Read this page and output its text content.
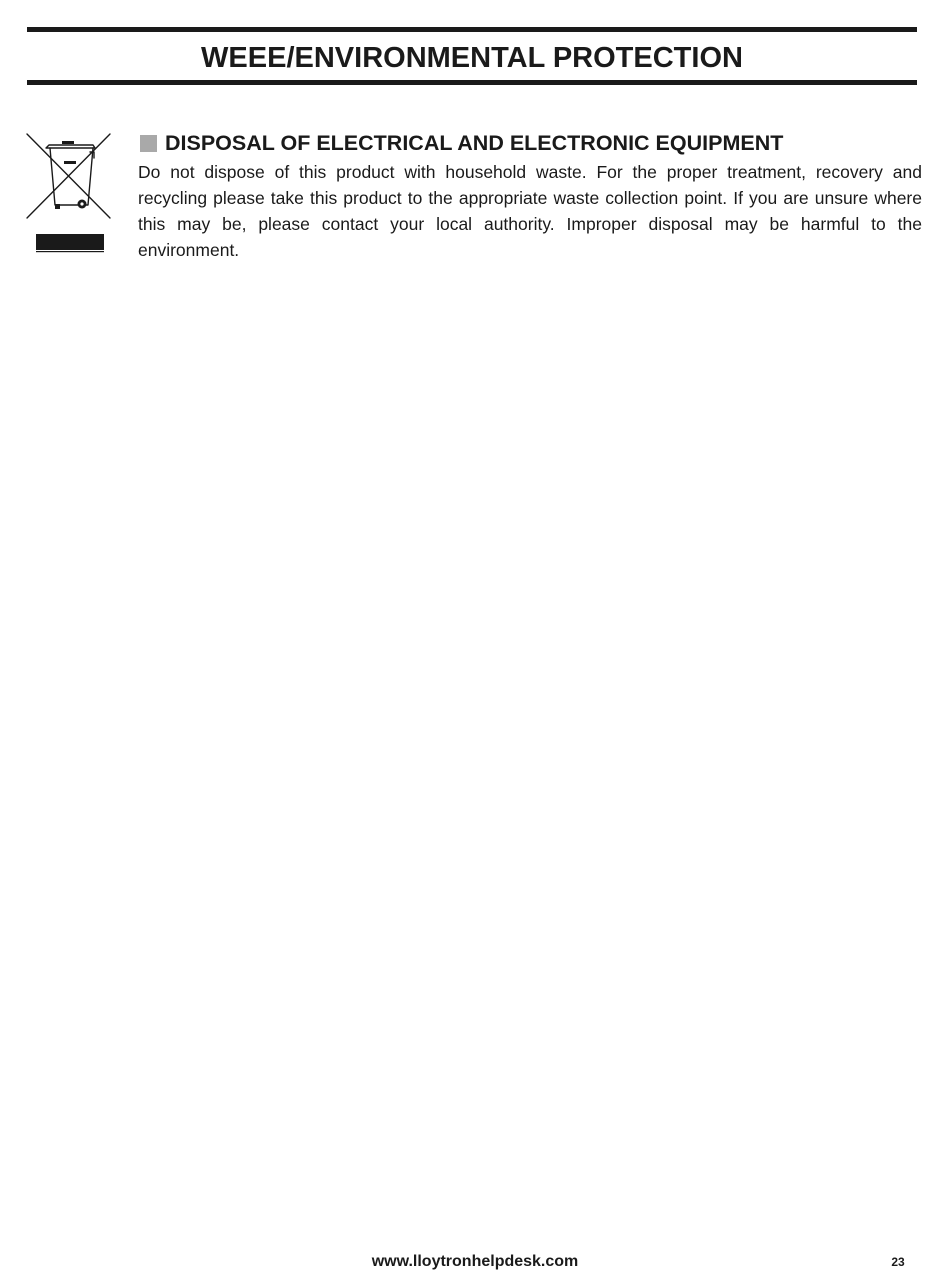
WEEE/ENVIRONMENTAL PROTECTION
DISPOSAL OF ELECTRICAL AND ELECTRONIC EQUIPMENT

Do not dispose of this product with household waste. For the proper treatment, recovery and recycling please take this product to the appropriate waste collection point. If you are unsure where this may be, please contact your local authority. Improper disposal may be harmful to the environment.

www.lloytronhelpdesk.com	23
